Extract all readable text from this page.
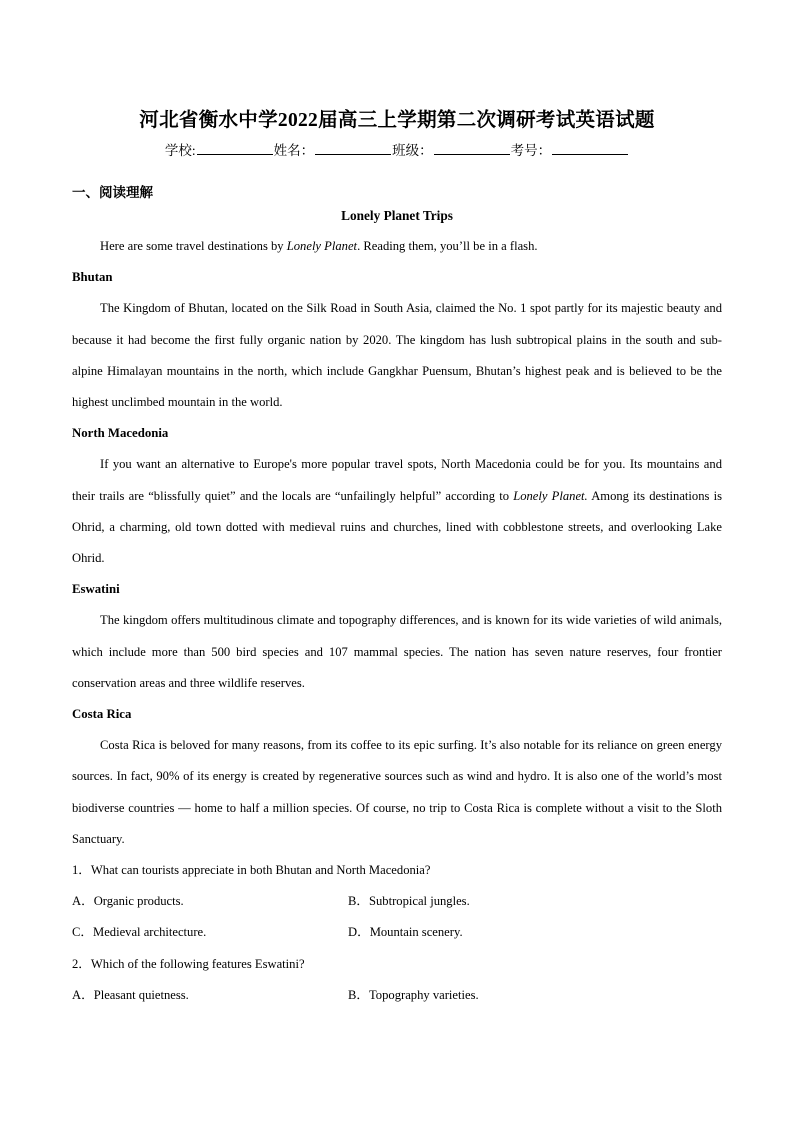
河北省衡水中学2022届高三上学期第二次调研考试英语试题
学校:	姓名：	班级：	考号：
一、阅读理解
Lonely Planet Trips

Here are some travel destinations by Lonely Planet. Reading them, you’ll be in a flash.

Bhutan

The Kingdom of Bhutan, located on the Silk Road in South Asia, claimed the No. 1 spot partly for its majestic beauty and because it had become the first fully organic nation by 2020. The kingdom has lush subtropical plains in the south and sub-alpine Himalayan mountains in the north, which include Gangkhar Puensum, Bhutan’s highest peak and is believed to be the highest unclimbed mountain in the world.

North Macedonia

If you want an alternative to Europe's more popular travel spots, North Macedonia could be for you. Its mountains and their trails are “blissfully quiet” and the locals are “unfailingly helpful” according to Lonely Planet. Among its destinations is Ohrid, a charming, old town dotted with medieval ruins and churches, lined with cobblestone streets, and overlooking Lake Ohrid.

Eswatini

The kingdom offers multitudinous climate and topography differences, and is known for its wide varieties of wild animals, which include more than 500 bird species and 107 mammal species. The nation has seven nature reserves, four frontier conservation areas and three wildlife reserves.

Costa Rica

Costa Rica is beloved for many reasons, from its coffee to its epic surfing. It’s also notable for its reliance on green energy sources. In fact, 90% of its energy is created by regenerative sources such as wind and hydro. It is also one of the world’s most biodiverse countries — home to half a million species. Of course, no trip to Costa Rica is complete without a visit to the Sloth Sanctuary.

1．What can tourists appreciate in both Bhutan and North Macedonia?

A．Organic products.	B．Subtropical jungles.
C．Medieval architecture.	D．Mountain scenery.

2．Which of the following features Eswatini?

A．Pleasant quietness.	B．Topography varieties.
